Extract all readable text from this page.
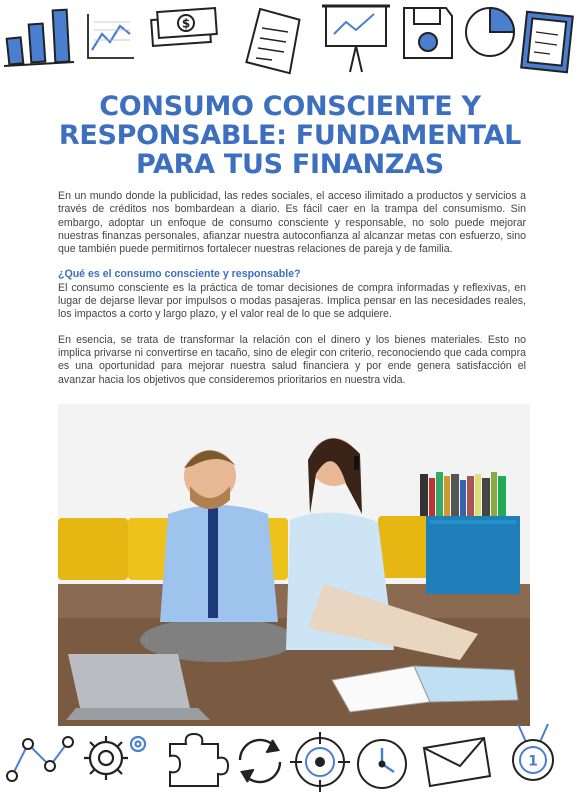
$
CONSUMO CONSCIENTE Y
RESPONSABLE: FUNDAMENTAL
PARA TUS FINANZAS

En un mundo donde la publicidad, las redes sociales, el acceso ilimitado a productos y servicios a través de créditos nos bombardean a diario. Es fácil caer en la trampa del consumismo. Sin embargo, adoptar un enfoque de consumo consciente y responsable, no solo puede mejorar nuestras finanzas personales, afianzar nuestra autoconfianza al alcanzar metas con esfuerzo, sino que también puede permitirnos fortalecer nuestras relaciones de pareja y de familia.

¿Qué es el consumo consciente y responsable?

El consumo consciente es la práctica de tomar decisiones de compra informadas y reflexivas, en lugar de dejarse llevar por impulsos o modas pasajeras. Implica pensar en las necesidades reales, los impactos a corto y largo plazo, y el valor real de lo que se adquiere.

En esencia, se trata de transformar la relación con el dinero y los bienes materiales. Esto no implica privarse ni convertirse en tacaño, sino de elegir con criterio, reconociendo que cada compra es una oportunidad para mejorar nuestra salud financiera y por ende genera satisfacción el avanzar hacia los objetivos que consideremos prioritarios en nuestra vida.

1
